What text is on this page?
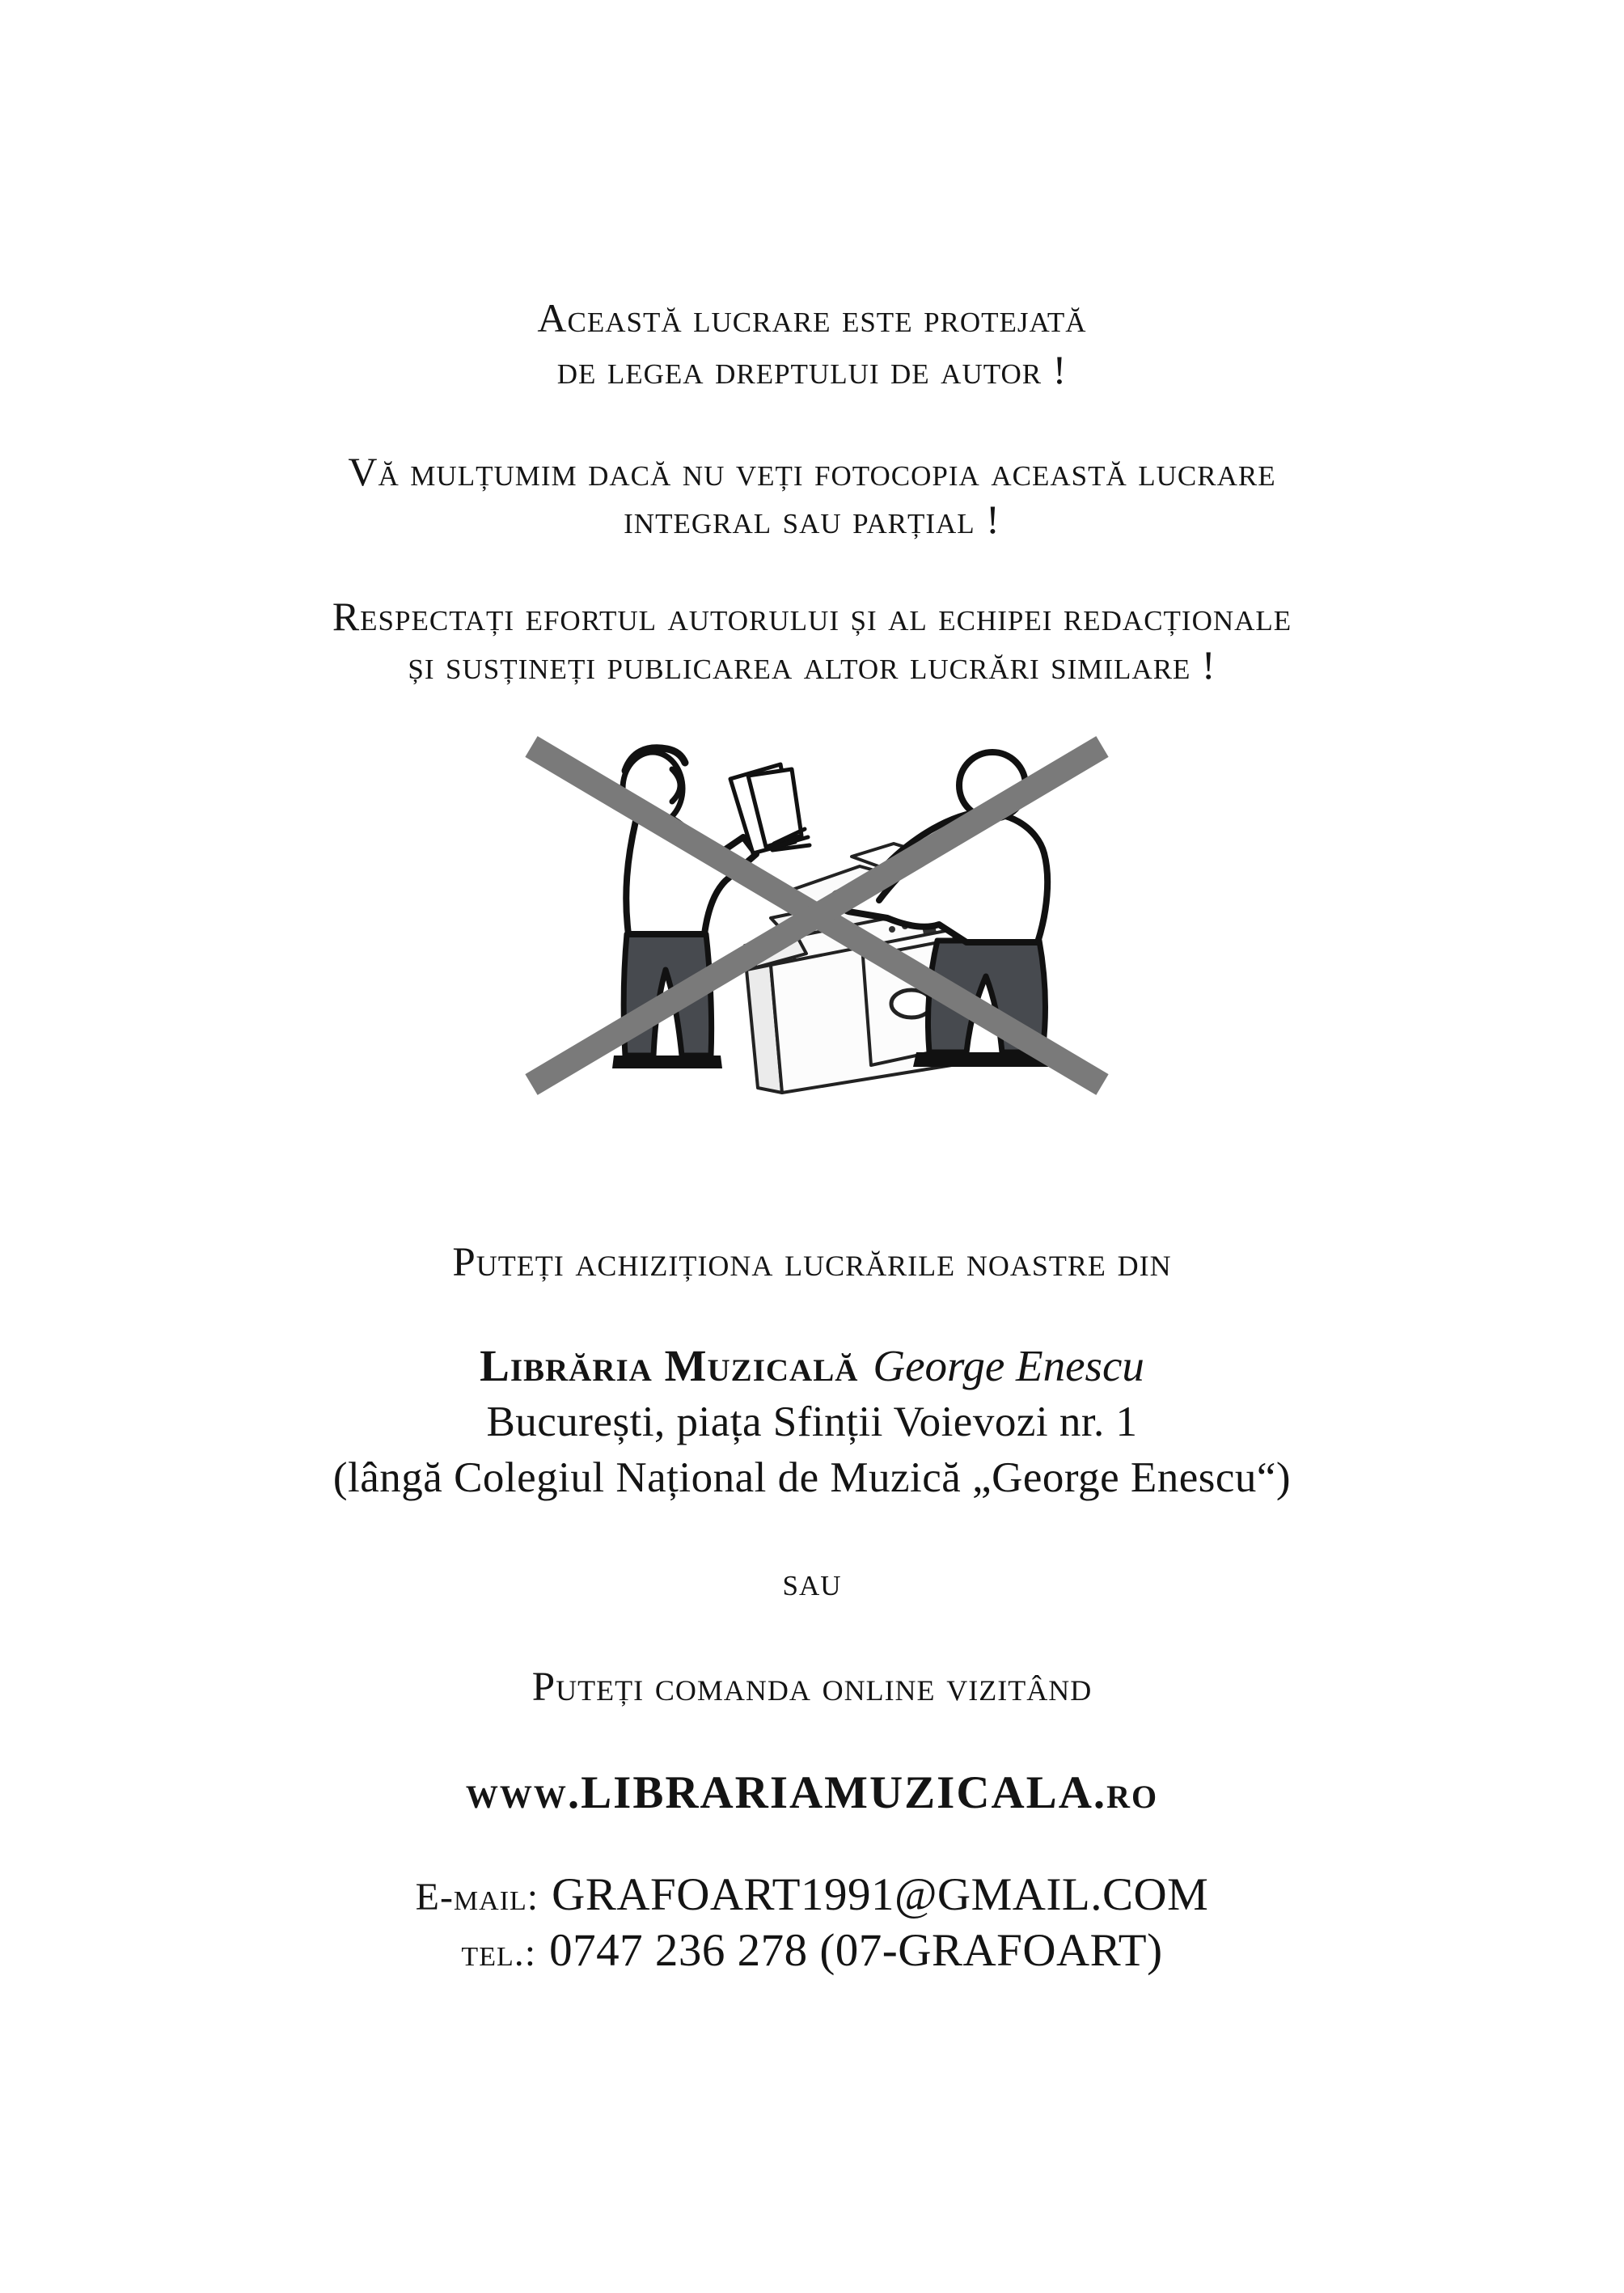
Această lucrare este protejată
de legea dreptului de autor !
Vă mulțumim dacă nu veți fotocopia această lucrare
integral sau parțial !
Respectați efortul autorului și al echipei redacționale
și susțineți publicarea altor lucrări similare !
Puteți achiziționa lucrările noastre din
Librăria Muzicală George Enescu
București, piața Sfinții Voievozi nr. 1
(lângă Colegiul Național de Muzică „George Enescu“)
sau
Puteți comanda online vizitând
www.LIBRARIAMUZICALA.ro
E-mail: GRAFOART1991@GMAIL.COM
tel.: 0747 236 278 (07-GRAFOART)
